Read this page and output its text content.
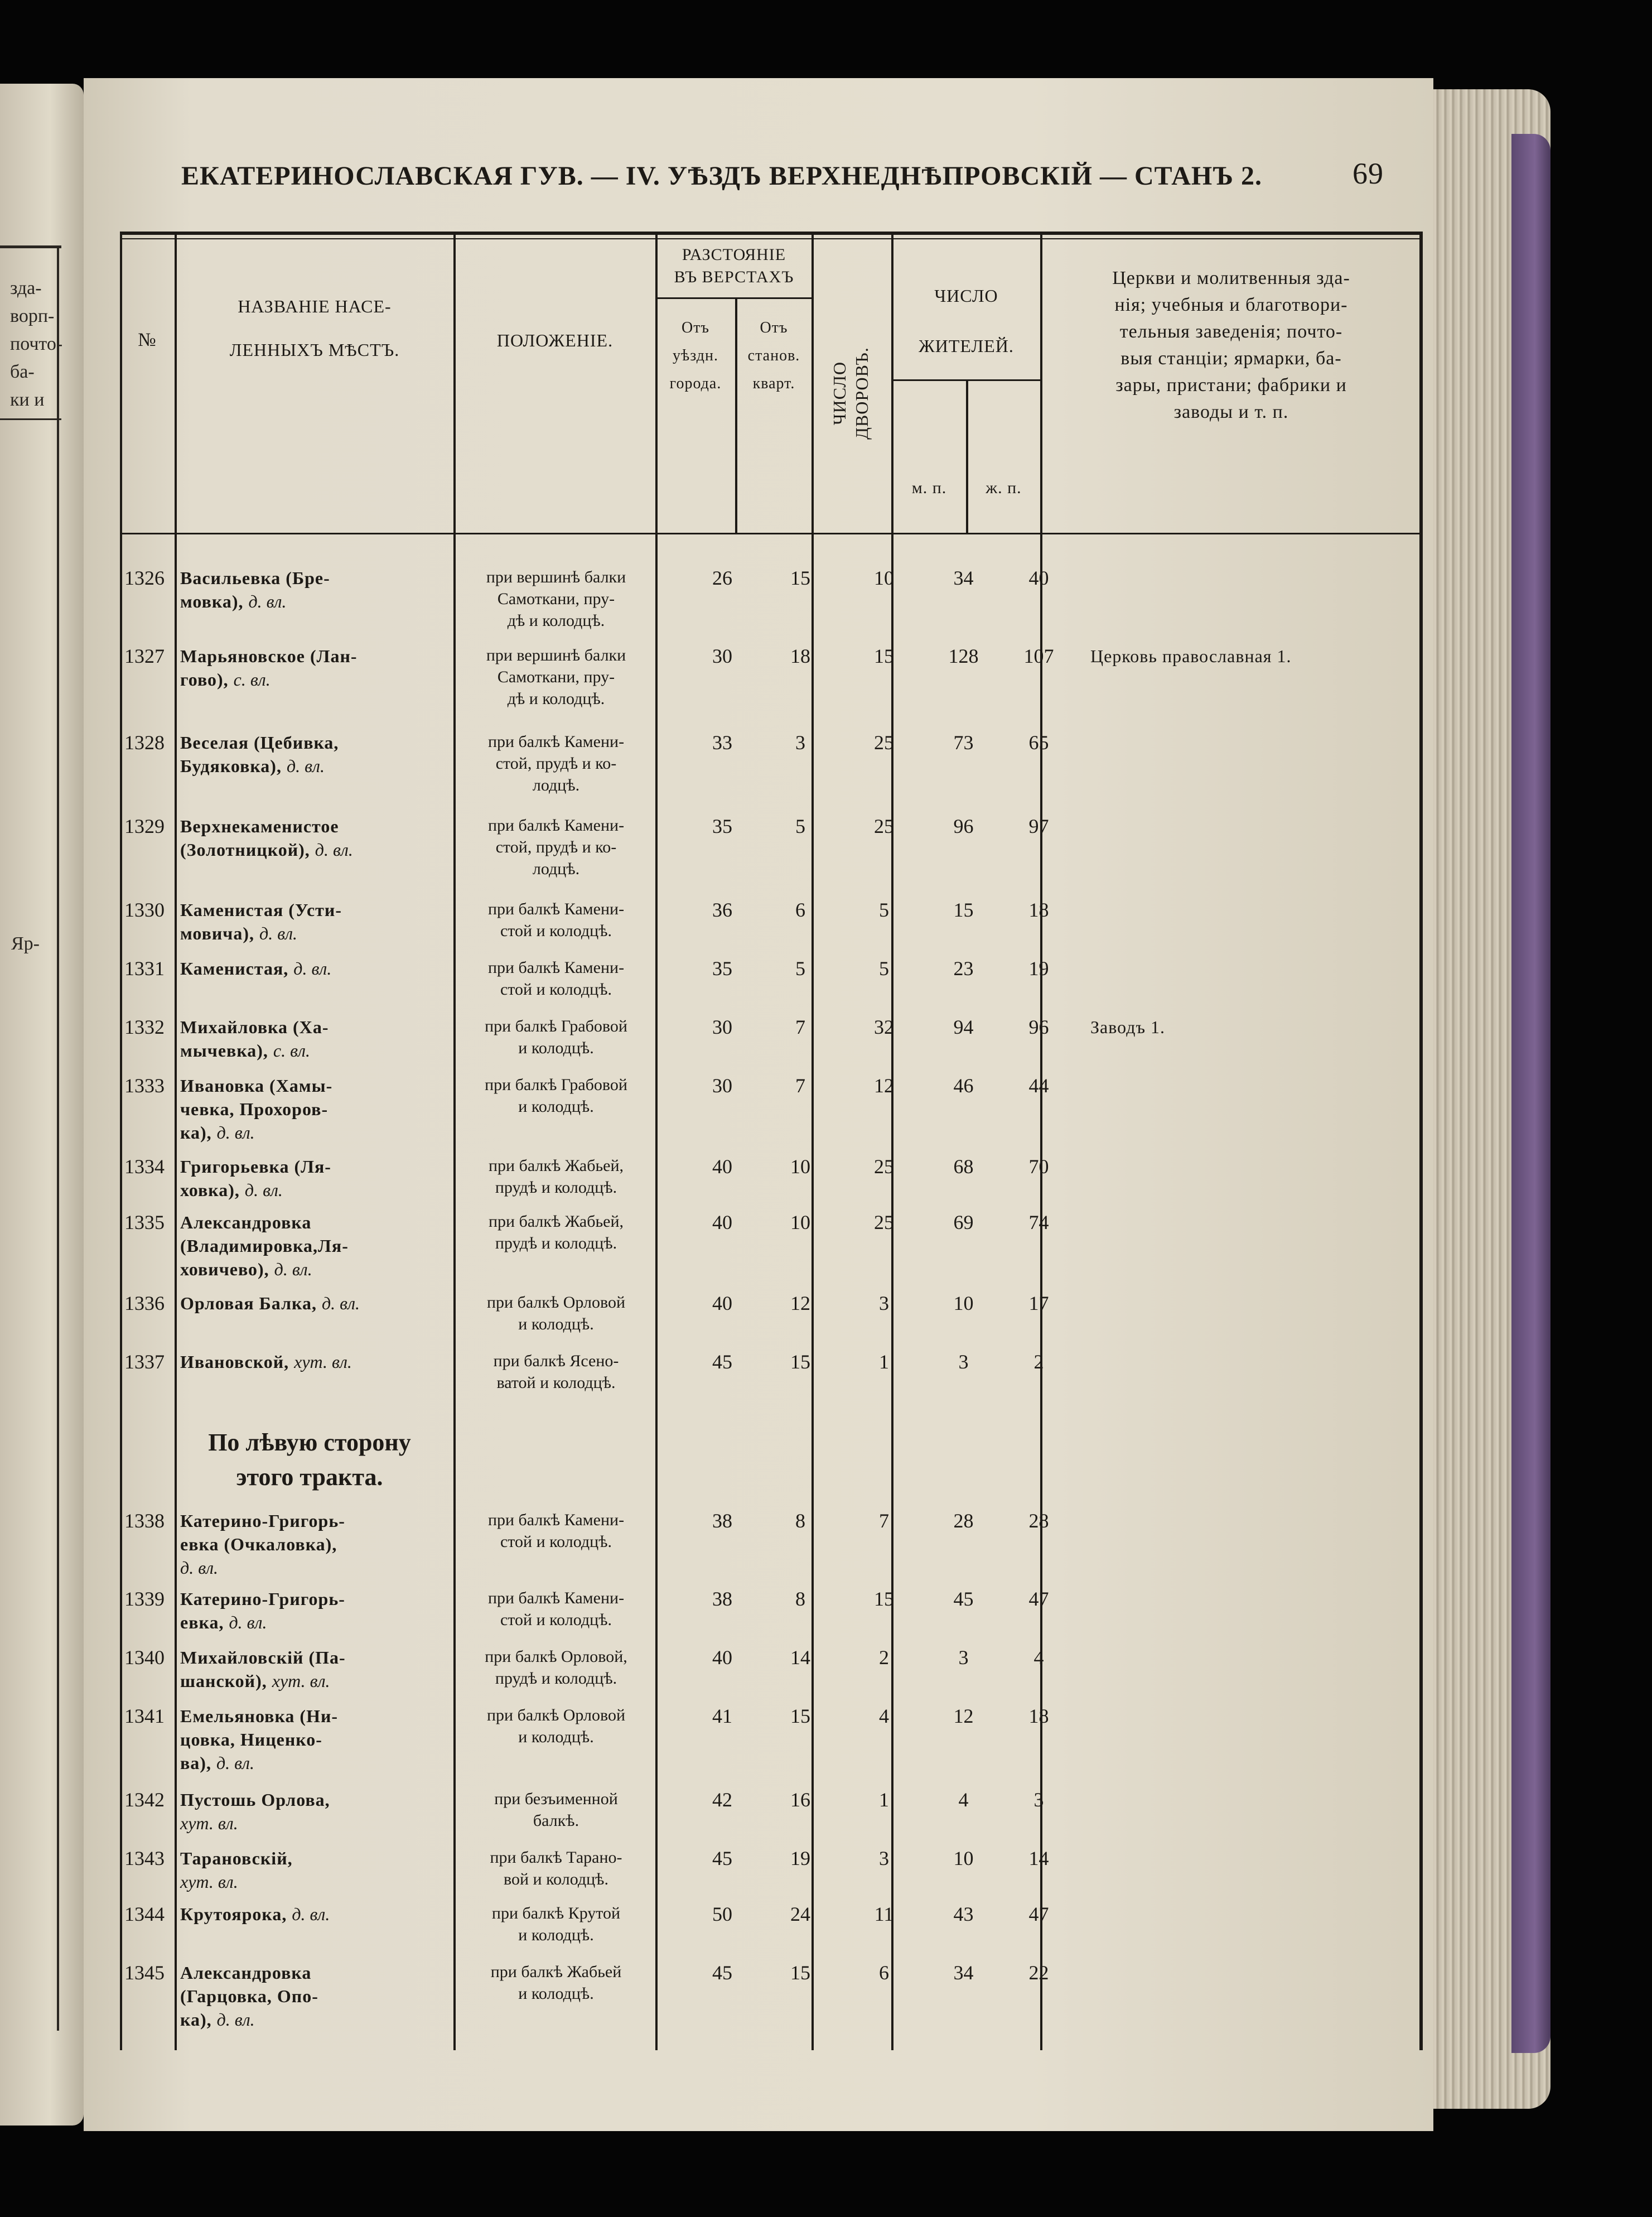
зда-
ворп-
почто-
ба-
ки и
Яр-
ЕКАТЕРИНОСЛАВСКАЯ ГУВ. — IV. УѢЗДЪ ВЕРХНЕДНѢПРОВСКІЙ — СТАНЪ 2.	69
№
НАЗВАНІЕ НАСЕ-
ЛЕННЫХЪ МѢСТЪ.	ПОЛОЖЕНІЕ.
РАЗСТОЯНІЕ
ВЪ ВЕРСТАХЪ
Отъ
уѣздн.
города.
Отъ
станов.
кварт.	ЧИСЛО ДВОРОВЪ.
ЧИСЛО
ЖИТЕЛЕЙ.
м. п.	ж. п.
Церкви и молитвенныя зда-
нія; учебныя и благотвори-
тельныя заведенія; почто-
выя станціи; ярмарки, ба-
зары, пристани; фабрики и
заводы и т. п.
1326 Васильевка (Бре-
мовка), д. вл.
при вершинѣ балки
Самоткани, пру-
дѣ и колодцѣ.
26	15	10	34	40
1327 Марьяновское (Лан-
гово), с. вл.
при вершинѣ балки
Самоткани, пру-
дѣ и колодцѣ.
30	18	15	128	107	Церковь православная 1.
1328 Веселая (Цебивка,
Будяковка), д. вл.
при балкѣ Камени-
стой, прудѣ и ко-
лодцѣ.
33	3	25	73	65
1329 Верхнекаменистое
(Золотницкой), д. вл.
при балкѣ Камени-
стой, прудѣ и ко-
лодцѣ.
35	5	25	96	97
1330 Каменистая (Усти-
мовича), д. вл.
при балкѣ Камени-
стой и колодцѣ.
36	6	5	15	18
1331 Каменистая, д. вл.	при балкѣ Камени-
стой и колодцѣ.
35	5	5	23	19
1332 Михайловка (Ха-
мычевка), с. вл.
при балкѣ Грабовой
и колодцѣ.
30	7	32	94	96	Заводъ 1.
1333 Ивановка (Хамы-
чевка, Прохоров-
ка), д. вл.
при балкѣ Грабовой
и колодцѣ.
30	7	12	46	44
1334 Григорьевка (Ля-
ховка), д. вл.
при балкѣ Жабьей,
прудѣ и колодцѣ.
40	10	25	68	70
1335 Александровка
(Владимировка,Ля-
ховичево), д. вл.
при балкѣ Жабьей,
прудѣ и колодцѣ.
40	10	25	69	74
1336 Орловая Балка, д. вл.	при балкѣ Орловой
и колодцѣ.
40	12	3	10	17
1337 Ивановской, хут. вл.	при балкѣ Ясено-
ватой и колодцѣ.
45	15	1	3	2
По лѣвую сторону
этого тракта.
1338 Катерино-Григорь-
евка (Очкаловка),
д. вл.
при балкѣ Камени-
стой и колодцѣ.
38	8	7	28	28
1339 Катерино-Григорь-
евка, д. вл.
при балкѣ Камени-
стой и колодцѣ.
38	8	15	45	47
1340 Михайловскій (Па-
шанской), хут. вл.
при балкѣ Орловой,
прудѣ и колодцѣ.
40	14	2	3	4
1341 Емельяновка (Ни-
цовка, Ниценко-
ва), д. вл.
при балкѣ Орловой
и колодцѣ.
41	15	4	12	18
1342 Пустошь Орлова,
хут. вл.
при безъименной
балкѣ.
42	16	1	4	3
1343 Тарановскій,
хут. вл.
при балкѣ Тарано-
вой и колодцѣ.
45	19	3	10	14
1344 Крутоярока, д. вл.	при балкѣ Крутой
и колодцѣ.
50	24	11	43	47
1345 Александровка
(Гарцовка, Опо-
ка), д. вл.
при балкѣ Жабьей
и колодцѣ.
45	15	6	34	22
